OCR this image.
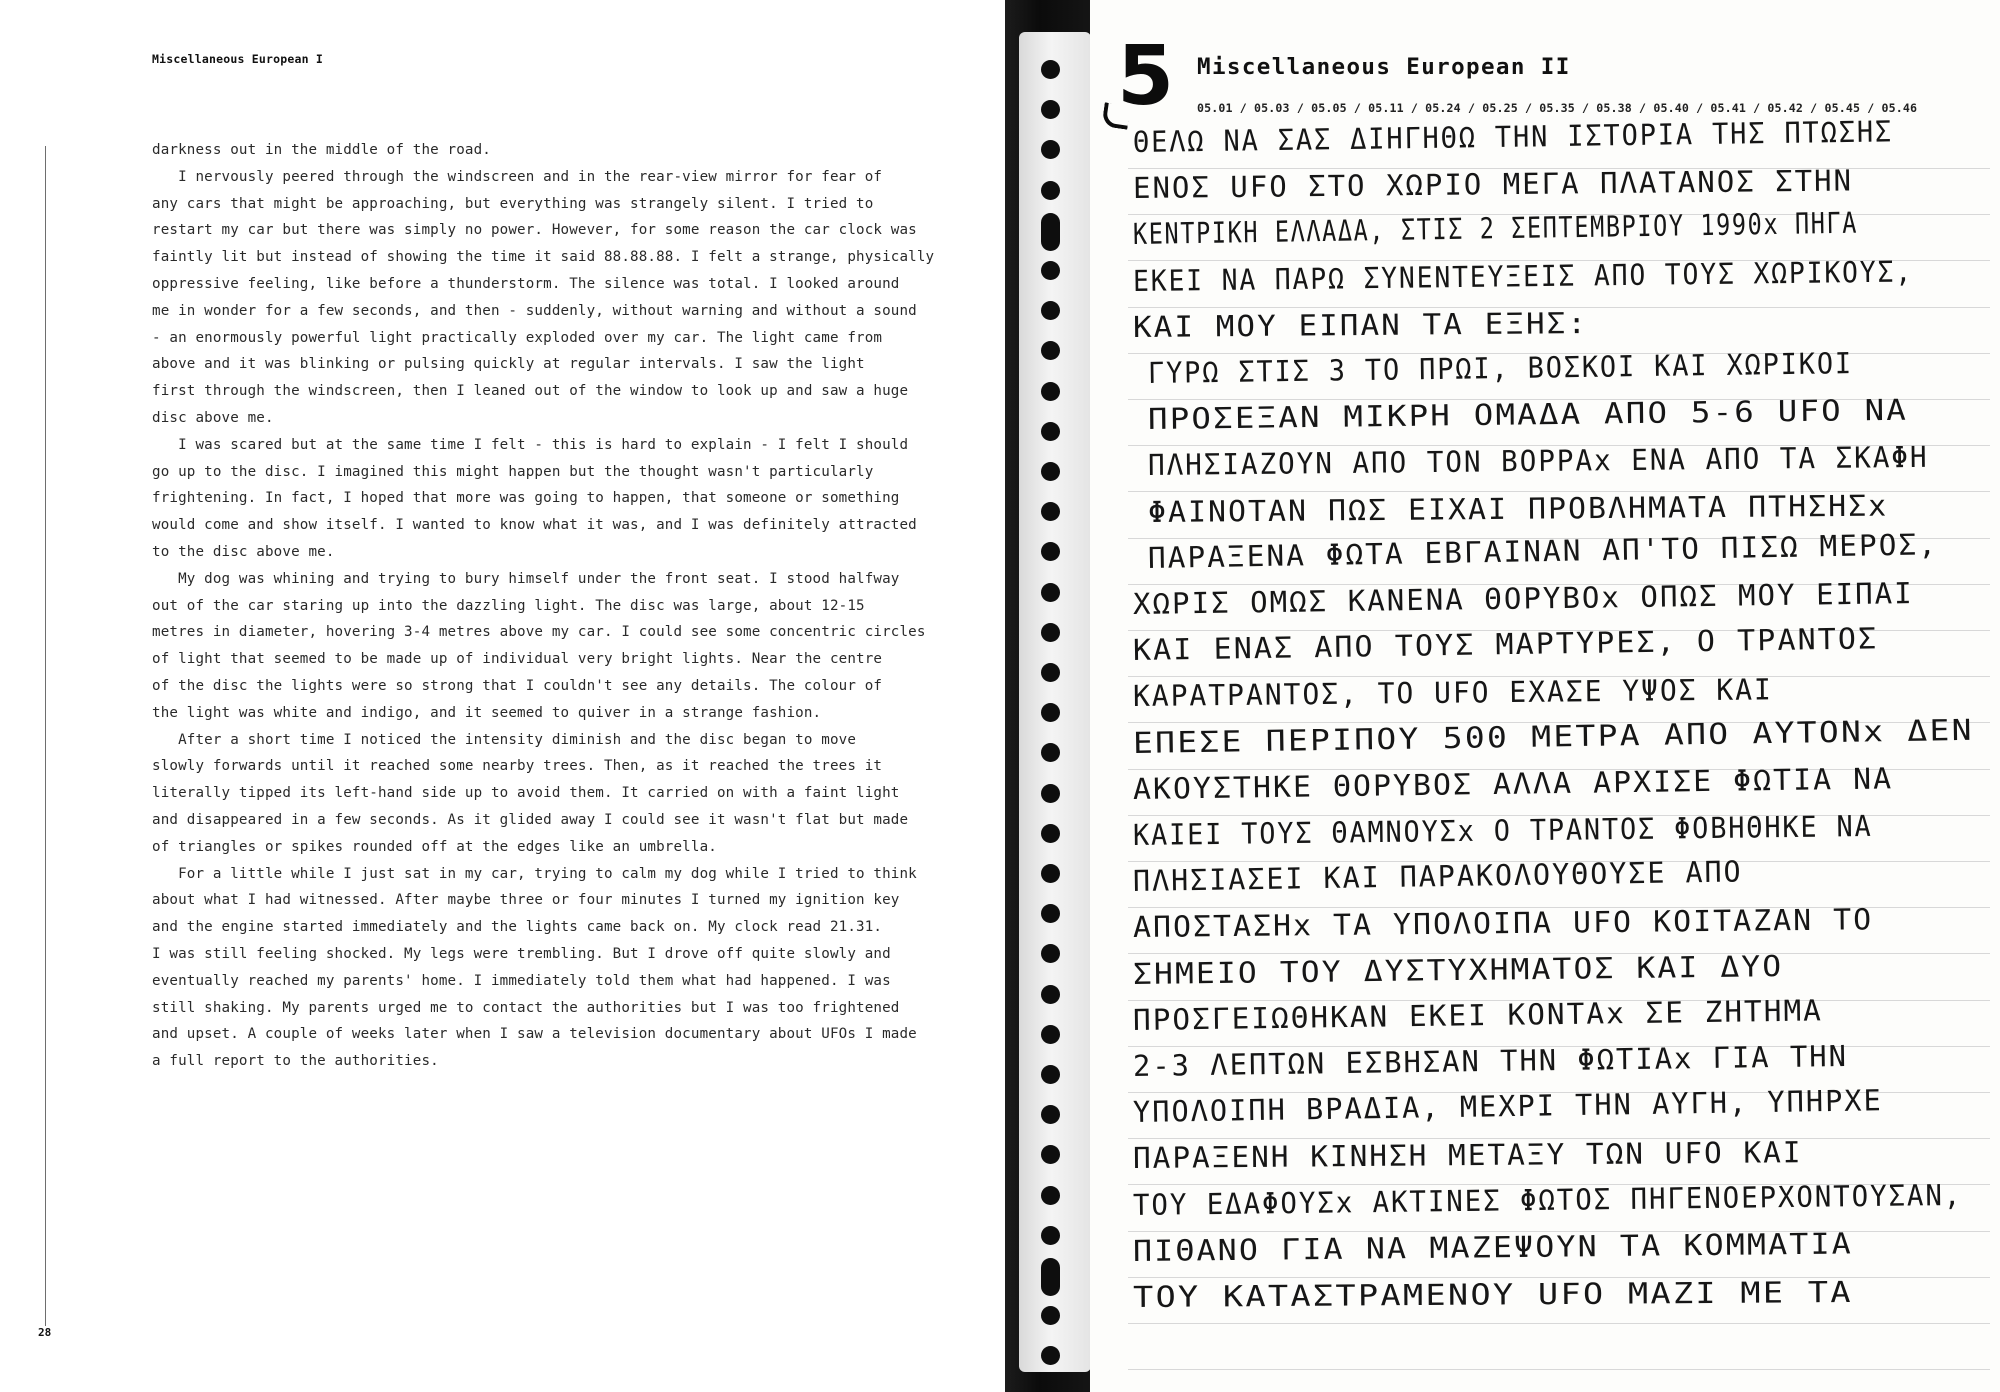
Miscellaneous European I
darkness out in the middle of the road.
I nervously peered through the windscreen and in the rear-view mirror for fear of
any cars that might be approaching, but everything was strangely silent. I tried to
restart my car but there was simply no power. However, for some reason the car clock was
faintly lit but instead of showing the time it said 88.88.88. I felt a strange, physically
oppressive feeling, like before a thunderstorm. The silence was total. I looked around
me in wonder for a few seconds, and then - suddenly, without warning and without a sound
- an enormously powerful light practically exploded over my car. The light came from
above and it was blinking or pulsing quickly at regular intervals. I saw the light
first through the windscreen, then I leaned out of the window to look up and saw a huge
disc above me.
I was scared but at the same time I felt - this is hard to explain - I felt I should
go up to the disc. I imagined this might happen but the thought wasn't particularly
frightening. In fact, I hoped that more was going to happen, that someone or something
would come and show itself. I wanted to know what it was, and I was definitely attracted
to the disc above me.
My dog was whining and trying to bury himself under the front seat. I stood halfway
out of the car staring up into the dazzling light. The disc was large, about 12-15
metres in diameter, hovering 3-4 metres above my car. I could see some concentric circles
of light that seemed to be made up of individual very bright lights. Near the centre
of the disc the lights were so strong that I couldn't see any details. The colour of
the light was white and indigo, and it seemed to quiver in a strange fashion.
After a short time I noticed the intensity diminish and the disc began to move
slowly forwards until it reached some nearby trees. Then, as it reached the trees it
literally tipped its left-hand side up to avoid them. It carried on with a faint light
and disappeared in a few seconds. As it glided away I could see it wasn't flat but made
of triangles or spikes rounded off at the edges like an umbrella.
For a little while I just sat in my car, trying to calm my dog while I tried to think
about what I had witnessed. After maybe three or four minutes I turned my ignition key
and the engine started immediately and the lights came back on. My clock read 21.31.
I was still feeling shocked. My legs were trembling. But I drove off quite slowly and
eventually reached my parents' home. I immediately told them what had happened. I was
still shaking. My parents urged me to contact the authorities but I was too frightened
and upset. A couple of weeks later when I saw a television documentary about UFOs I made
a full report to the authorities.
28
5 Miscellaneous European II
05.01 / 05.03 / 05.05 / 05.11 / 05.24 / 05.25 / 05.35 / 05.38 / 05.40 / 05.41 / 05.42 / 05.45 / 05.46
ΘΕΛΩ ΝΑ ΣΑΣ ΔΙΗΓΗΘΩ ΤΗΝ ΙΣΤΟΡΙΑ ΤΗΣ ΠΤΩΣΗΣ
ΕΝΟΣ UFO ΣΤΟ ΧΩΡΙΟ ΜΕΓΑ ΠΛΑΤΑΝΟΣ ΣΤΗΝ
ΚΕΝΤΡΙΚΗ ΕΛΛΑΔΑ, ΣΤΙΣ 2 ΣΕΠΤΕΜΒΡΙΟΥ 1990x ΠΗΓΑ
ΕΚΕΙ ΝΑ ΠΑΡΩ ΣΥΝΕΝΤΕΥΞΕΙΣ ΑΠΟ ΤΟΥΣ ΧΩΡΙΚΟΥΣ,
ΚΑΙ ΜΟΥ ΕΙΠΑΝ ΤΑ ΕΞΗΣ:
ΓΥΡΩ ΣΤΙΣ 3 ΤΟ ΠΡΩΙ, ΒΟΣΚΟΙ ΚΑΙ ΧΩΡΙΚΟΙ
ΠΡΟΣΕΞΑΝ ΜΙΚΡΗ ΟΜΑΔΑ ΑΠΟ 5-6 UFO ΝΑ
ΠΛΗΣΙΑΖΟΥΝ ΑΠΟ ΤΟΝ ΒΟΡΡΑx ΕΝΑ ΑΠΟ ΤΑ ΣΚΑΦΗ
ΦΑΙΝΟΤΑΝ ΠΩΣ ΕΙΧΑΙ ΠΡΟΒΛΗΜΑΤΑ ΠΤΗΣΗΣx
ΠΑΡΑΞΕΝΑ ΦΩΤΑ ΕΒΓΑΙΝΑΝ ΑΠ'ΤΟ ΠΙΣΩ ΜΕΡΟΣ,
ΧΩΡΙΣ ΟΜΩΣ ΚΑΝΕΝΑ ΘΟΡΥΒΟx ΟΠΩΣ ΜΟΥ ΕΙΠΑΙ
ΚΑΙ ΕΝΑΣ ΑΠΟ ΤΟΥΣ ΜΑΡΤΥΡΕΣ, Ο ΤΡΑΝΤΟΣ
ΚΑΡΑΤΡΑΝΤΟΣ, ΤΟ UFO ΕΧΑΣΕ ΥΨΟΣ ΚΑΙ
ΕΠΕΣΕ ΠΕΡΙΠΟΥ 500 ΜΕΤΡΑ ΑΠΟ ΑΥΤΟΝx ΔΕΝ
ΑΚΟΥΣΤΗΚΕ ΘΟΡΥΒΟΣ ΑΛΛΑ ΑΡΧΙΣΕ ΦΩΤΙΑ ΝΑ
ΚΑΙΕΙ ΤΟΥΣ ΘΑΜΝΟΥΣx Ο ΤΡΑΝΤΟΣ ΦΟΒΗΘΗΚΕ ΝΑ
ΠΛΗΣΙΑΣΕΙ ΚΑΙ ΠΑΡΑΚΟΛΟΥΘΟΥΣΕ ΑΠΟ
ΑΠΟΣΤΑΣΗx ΤΑ ΥΠΟΛΟΙΠΑ UFO ΚΟΙΤΑΖΑΝ ΤΟ
ΣΗΜΕΙΟ ΤΟΥ ΔΥΣΤΥΧΗΜΑΤΟΣ ΚΑΙ ΔΥΟ
ΠΡΟΣΓΕΙΩΘΗΚΑΝ ΕΚΕΙ ΚΟΝΤΑx ΣΕ ΖΗΤΗΜΑ
2-3 ΛΕΠΤΩΝ ΕΣΒΗΣΑΝ ΤΗΝ ΦΩΤΙΑx ΓΙΑ ΤΗΝ
ΥΠΟΛΟΙΠΗ ΒΡΑΔΙΑ, ΜΕΧΡΙ ΤΗΝ ΑΥΓΗ, ΥΠΗΡΧΕ
ΠΑΡΑΞΕΝΗ ΚΙΝΗΣΗ ΜΕΤΑΞΥ ΤΩΝ UFO ΚΑΙ
ΤΟΥ ΕΔΑΦΟΥΣx ΑΚΤΙΝΕΣ ΦΩΤΟΣ ΠΗΓΕΝΟΕΡΧΟΝΤΟΥΣΑΝ,
ΠΙΘΑΝΟ ΓΙΑ ΝΑ ΜΑΖΕΨΟΥΝ ΤΑ ΚΟΜΜΑΤΙΑ
ΤΟΥ ΚΑΤΑΣΤΡΑΜΕΝΟΥ UFO ΜΑΖΙ ΜΕ ΤΑ
